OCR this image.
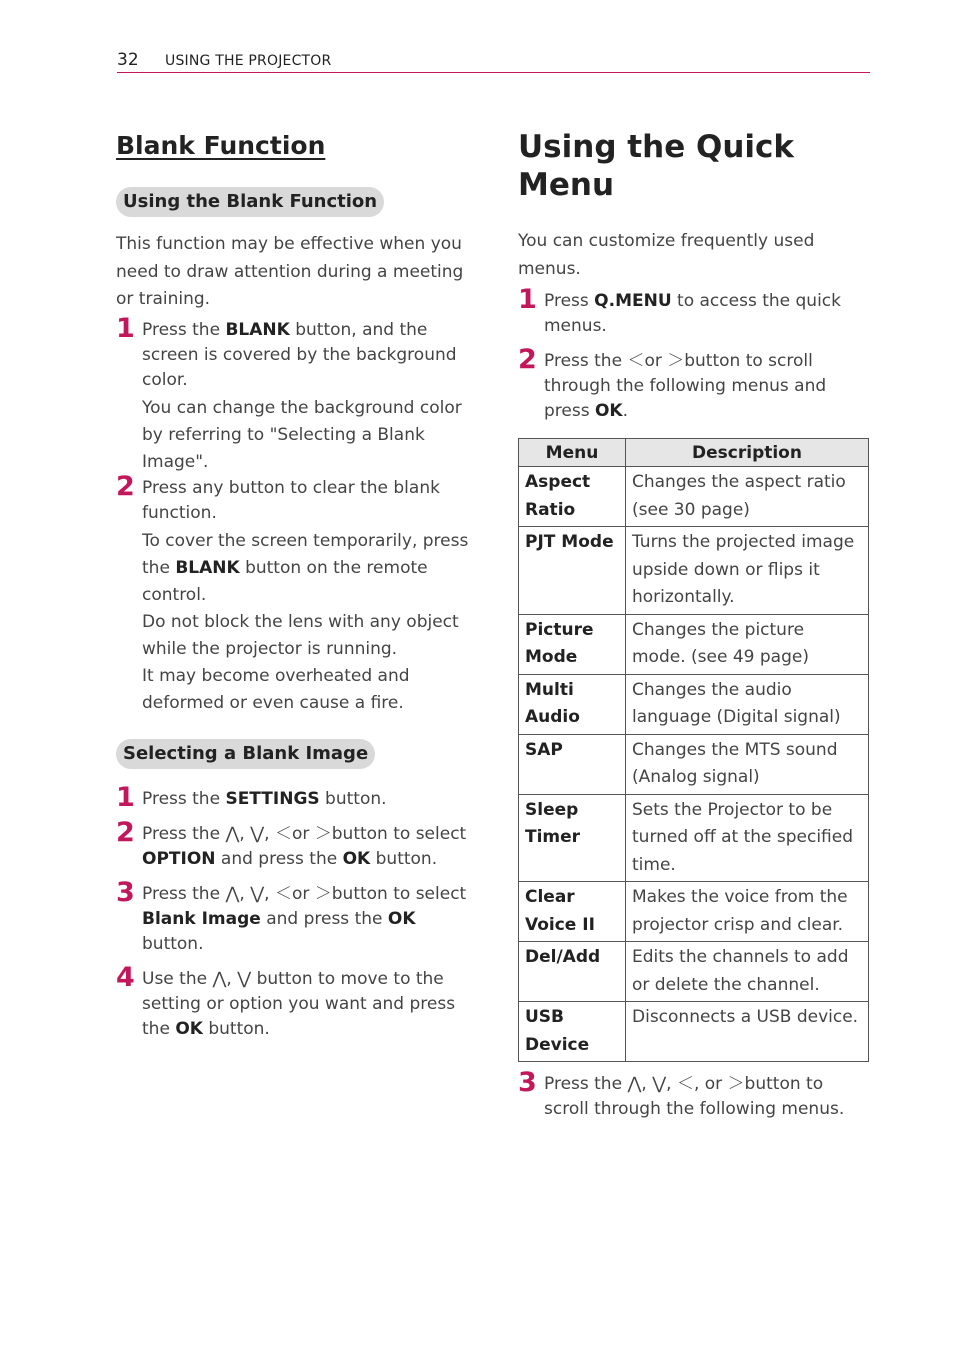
32 USING THE PROJECTOR
Blank Function
Using the Blank Function

This function may be effective when you need to draw attention during a meeting or training.

1 Press the BLANK button, and the screen is covered by the background color.

You can change the background color by referring to "Selecting a Blank Image".

2 Press any button to clear the blank function.

To cover the screen temporarily, press the BLANK button on the remote control.

Do not block the lens with any object while the projector is running.

It may become overheated and deformed or even cause a fire.

Selecting a Blank Image
1 Press the SETTINGS button.
2 Press the ⋀, ⋁, ＜or ＞button to select OPTION and press the OK button.
3 Press the ⋀, ⋁, ＜or ＞button to select Blank Image and press the OK button.
4 Use the ⋀, ⋁ button to move to the setting or option you want and press the OK button.
Using the Quick Menu

You can customize frequently used menus.

1 Press Q.MENU to access the quick menus.
2 Press the ＜or ＞button to scroll through the following menus and press OK.
Menu	Description
Aspect Ratio	Changes the aspect ratio (see 30 page)
PJT Mode	Turns the projected image upside down or flips it horizontally.
Picture Mode	Changes the picture mode. (see 49 page)
Multi Audio	Changes the audio language (Digital signal)
SAP	Changes the MTS sound (Analog signal)
Sleep Timer	Sets the Projector to be turned off at the specified time.
Clear Voice II	Makes the voice from the projector crisp and clear.
Del/Add	Edits the channels to add or delete the channel.
USB Device	Disconnects a USB device.
3 Press the ⋀, ⋁, ＜, or ＞button to scroll through the following menus.
